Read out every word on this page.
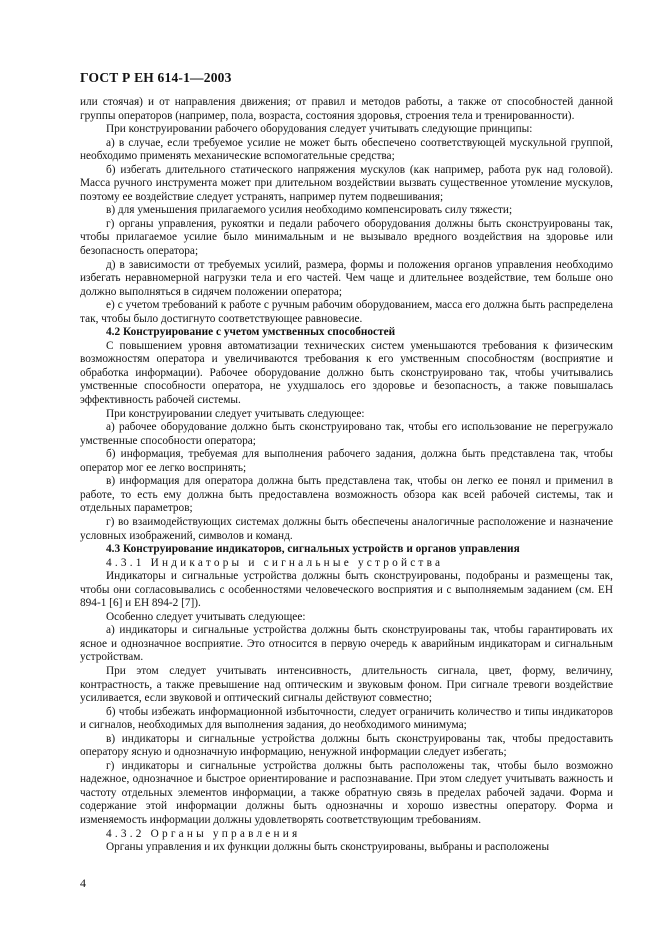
ГОСТ Р ЕН 614-1—2003

или стоячая) и от направления движения; от правил и методов работы, а также от способностей данной группы операторов (например, пола, возраста, состояния здоровья, строения тела и тренированности).

При конструировании рабочего оборудования следует учитывать следующие принципы:

а) в случае, если требуемое усилие не может быть обеспечено соответствующей мускульной группой, необходимо применять механические вспомогательные средства;

б) избегать длительного статического напряжения мускулов (как например, работа рук над головой). Масса ручного инструмента может при длительном воздействии вызвать существенное утомление мускулов, поэтому ее воздействие следует устранять, например путем подвешивания;

в) для уменьшения прилагаемого усилия необходимо компенсировать силу тяжести;

г) органы управления, рукоятки и педали рабочего оборудования должны быть сконструированы так, чтобы прилагаемое усилие было минимальным и не вызывало вредного воздействия на здоровье или безопасность оператора;

д) в зависимости от требуемых усилий, размера, формы и положения органов управления необходимо избегать неравномерной нагрузки тела и его частей. Чем чаще и длительнее воздействие, тем больше оно должно выполняться в сидячем положении оператора;

е) с учетом требований к работе с ручным рабочим оборудованием, масса его должна быть распределена так, чтобы было достигнуто соответствующее равновесие.

4.2 Конструирование с учетом умственных способностей

С повышением уровня автоматизации технических систем уменьшаются требования к физическим возможностям оператора и увеличиваются требования к его умственным способностям (восприятие и обработка информации). Рабочее оборудование должно быть сконструировано так, чтобы учитывались умственные способности оператора, не ухудшалось его здоровье и безопасность, а также повышалась эффективность рабочей системы.

При конструировании следует учитывать следующее:

а) рабочее оборудование должно быть сконструировано так, чтобы его использование не перегружало умственные способности оператора;

б) информация, требуемая для выполнения рабочего задания, должна быть представлена так, чтобы оператор мог ее легко воспринять;

в) информация для оператора должна быть представлена так, чтобы он легко ее понял и применил в работе, то есть ему должна быть предоставлена возможность обзора как всей рабочей системы, так и отдельных параметров;

г) во взаимодействующих системах должны быть обеспечены аналогичные расположение и назначение условных изображений, символов и команд.

4.3 Конструирование индикаторов, сигнальных устройств и органов управления

4.3.1 Индикаторы и сигнальные устройства

Индикаторы и сигнальные устройства должны быть сконструированы, подобраны и размещены так, чтобы они согласовывались с особенностями человеческого восприятия и с выполняемым заданием (см. ЕН 894-1 [6] и ЕН 894-2 [7]).

Особенно следует учитывать следующее:

а) индикаторы и сигнальные устройства должны быть сконструированы так, чтобы гарантировать их ясное и однозначное восприятие. Это относится в первую очередь к аварийным индикаторам и сигнальным устройствам.

При этом следует учитывать интенсивность, длительность сигнала, цвет, форму, величину, контрастность, а также превышение над оптическим и звуковым фоном. При сигнале тревоги воздействие усиливается, если звуковой и оптический сигналы действуют совместно;

б) чтобы избежать информационной избыточности, следует ограничить количество и типы индикаторов и сигналов, необходимых для выполнения задания, до необходимого минимума;

в) индикаторы и сигнальные устройства должны быть сконструированы так, чтобы предоставить оператору ясную и однозначную информацию, ненужной информации следует избегать;

г) индикаторы и сигнальные устройства должны быть расположены так, чтобы было возможно надежное, однозначное и быстрое ориентирование и распознавание. При этом следует учитывать важность и частоту отдельных элементов информации, а также обратную связь в пределах рабочей задачи. Форма и содержание этой информации должны быть однозначны и хорошо известны оператору. Форма и изменяемость информации должны удовлетворять соответствующим требованиям.

4.3.2 Органы управления

Органы управления и их функции должны быть сконструированы, выбраны и расположены

4
